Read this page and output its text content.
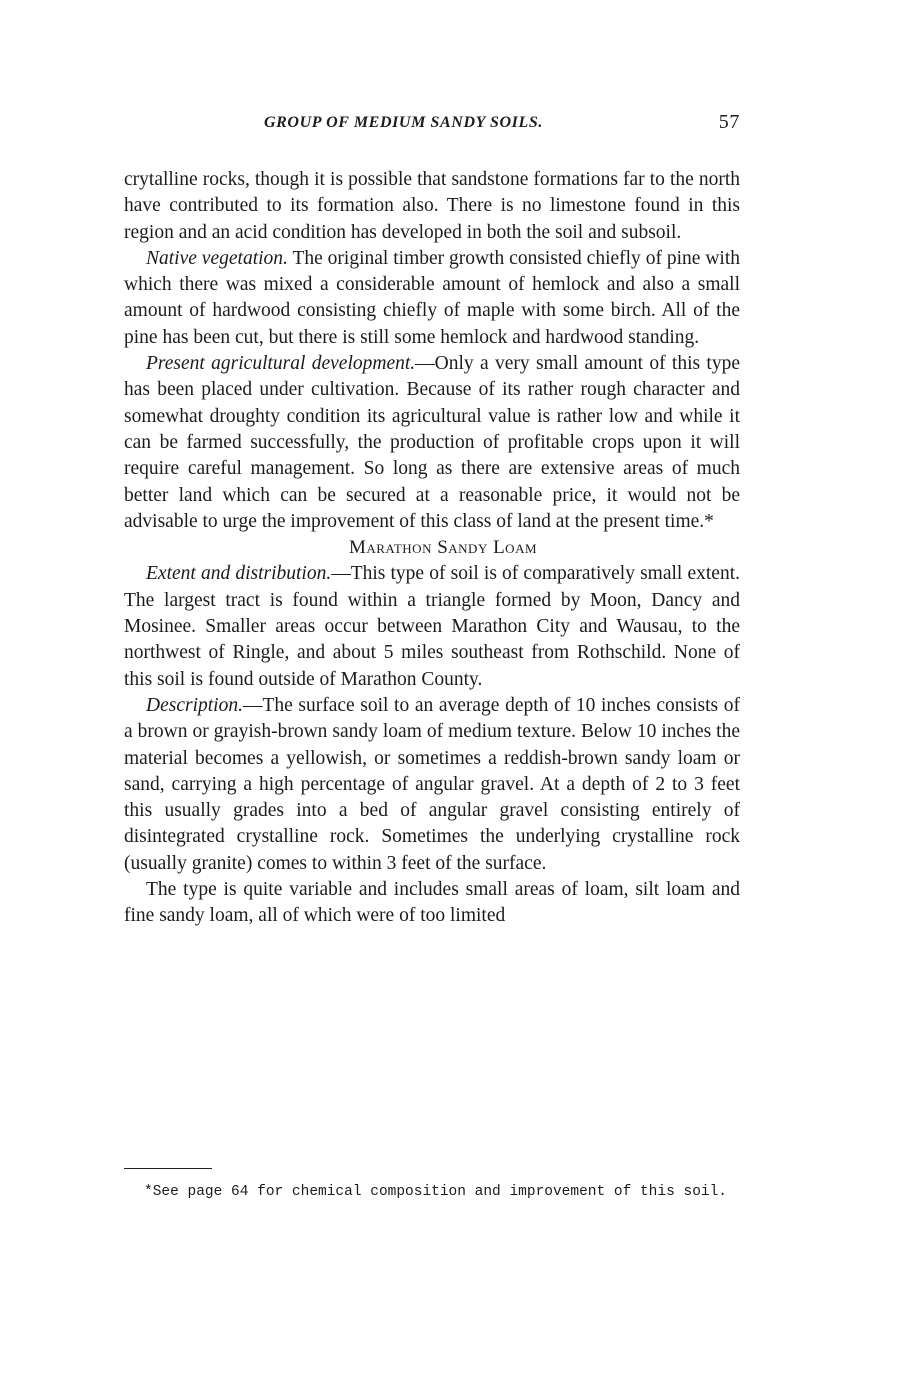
GROUP OF MEDIUM SANDY SOILS.	57

crytalline rocks, though it is possible that sandstone formations far to the north have contributed to its formation also. There is no limestone found in this region and an acid condition has developed in both the soil and subsoil.

Native vegetation. The original timber growth consisted chiefly of pine with which there was mixed a considerable amount of hemlock and also a small amount of hardwood consisting chiefly of maple with some birch. All of the pine has been cut, but there is still some hemlock and hardwood standing.

Present agricultural development.—Only a very small amount of this type has been placed under cultivation. Because of its rather rough character and somewhat droughty condition its agricultural value is rather low and while it can be farmed successfully, the production of profitable crops upon it will require careful management. So long as there are extensive areas of much better land which can be secured at a reasonable price, it would not be advisable to urge the improvement of this class of land at the present time.*

Marathon Sandy Loam

Extent and distribution.—This type of soil is of comparatively small extent. The largest tract is found within a triangle formed by Moon, Dancy and Mosinee. Smaller areas occur between Marathon City and Wausau, to the northwest of Ringle, and about 5 miles southeast from Rothschild. None of this soil is found outside of Marathon County.

Description.—The surface soil to an average depth of 10 inches consists of a brown or grayish-brown sandy loam of medium texture. Below 10 inches the material becomes a yellowish, or sometimes a reddish-brown sandy loam or sand, carrying a high percentage of angular gravel. At a depth of 2 to 3 feet this usually grades into a bed of angular gravel consisting entirely of disintegrated crystalline rock. Sometimes the underlying crystalline rock (usually granite) comes to within 3 feet of the surface.

The type is quite variable and includes small areas of loam, silt loam and fine sandy loam, all of which were of too limited

*See page 64 for chemical composition and improvement of this soil.
